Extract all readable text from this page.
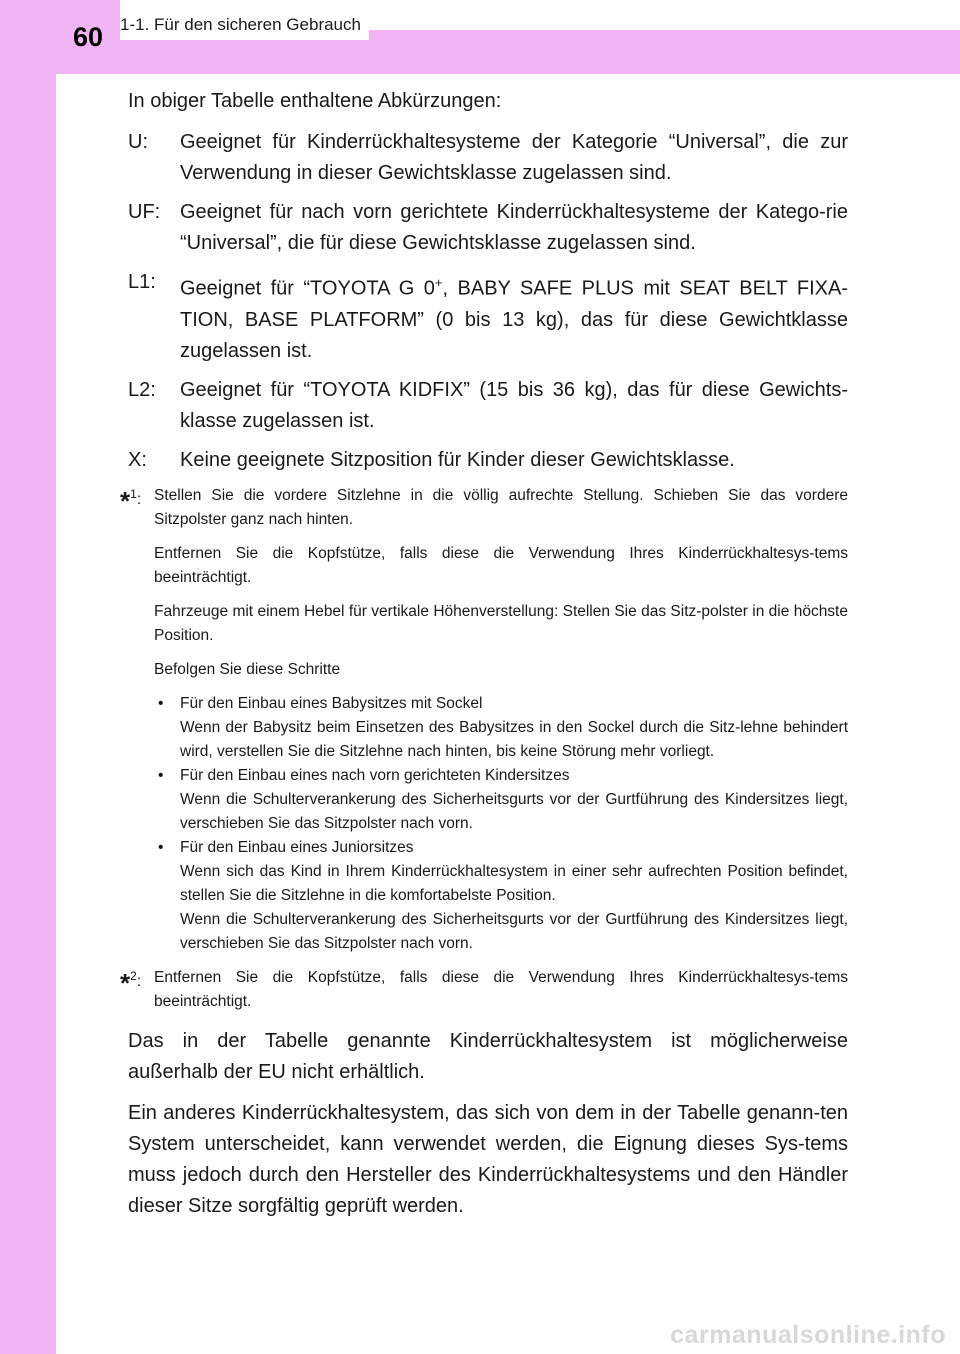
60 1-1. Für den sicheren Gebrauch

In obiger Tabelle enthaltene Abkürzungen:

U:	Geeignet für Kinderrückhaltesysteme der Kategorie “Universal”, die zur Verwendung in dieser Gewichtsklasse zugelassen sind.
UF: Geeignet für nach vorn gerichtete Kinderrückhaltesysteme der Katego-rie “Universal”, die für diese Gewichtsklasse zugelassen sind.
L1:	Geeignet für “TOYOTA G 0+, BABY SAFE PLUS mit SEAT BELT FIXA-TION, BASE PLATFORM” (0 bis 13 kg), das für diese Gewichtklasse zugelassen ist.
L2:	Geeignet für “TOYOTA KIDFIX” (15 bis 36 kg), das für diese Gewichts-klasse zugelassen ist.
X:	Keine geeignete Sitzposition für Kinder dieser Gewichtsklasse.
$*_1$: Stellen Sie die vordere Sitzlehne in die völlig aufrechte Stellung. Schieben Sie das vordere Sitzpolster ganz nach hinten.

Entfernen Sie die Kopfstütze, falls diese die Verwendung Ihres Kinderrückhaltesys-tems beeinträchtigt.

Fahrzeuge mit einem Hebel für vertikale Höhenverstellung: Stellen Sie das Sitz-polster in die höchste Position.

Befolgen Sie diese Schritte

• Für den Einbau eines Babysitzes mit Sockel
Wenn der Babysitz beim Einsetzen des Babysitzes in den Sockel durch die Sitz-lehne behindert wird, verstellen Sie die Sitzlehne nach hinten, bis keine Störung mehr vorliegt.
• Für den Einbau eines nach vorn gerichteten Kindersitzes
Wenn die Schulterverankerung des Sicherheitsgurts vor der Gurtführung des Kindersitzes liegt, verschieben Sie das Sitzpolster nach vorn.
• Für den Einbau eines Juniorsitzes
Wenn sich das Kind in Ihrem Kinderrückhaltesystem in einer sehr aufrechten Position befindet, stellen Sie die Sitzlehne in die komfortabelste Position.
Wenn die Schulterverankerung des Sicherheitsgurts vor der Gurtführung des Kindersitzes liegt, verschieben Sie das Sitzpolster nach vorn.
$*_2$: Entfernen Sie die Kopfstütze, falls diese die Verwendung Ihres Kinderrückhaltesys-tems beeinträchtigt.

Das in der Tabelle genannte Kinderrückhaltesystem ist möglicherweise außerhalb der EU nicht erhältlich.

Ein anderes Kinderrückhaltesystem, das sich von dem in der Tabelle genann-ten System unterscheidet, kann verwendet werden, die Eignung dieses Sys-tems muss jedoch durch den Hersteller des Kinderrückhaltesystems und den Händler dieser Sitze sorgfältig geprüft werden.

carmanualsonline.info
